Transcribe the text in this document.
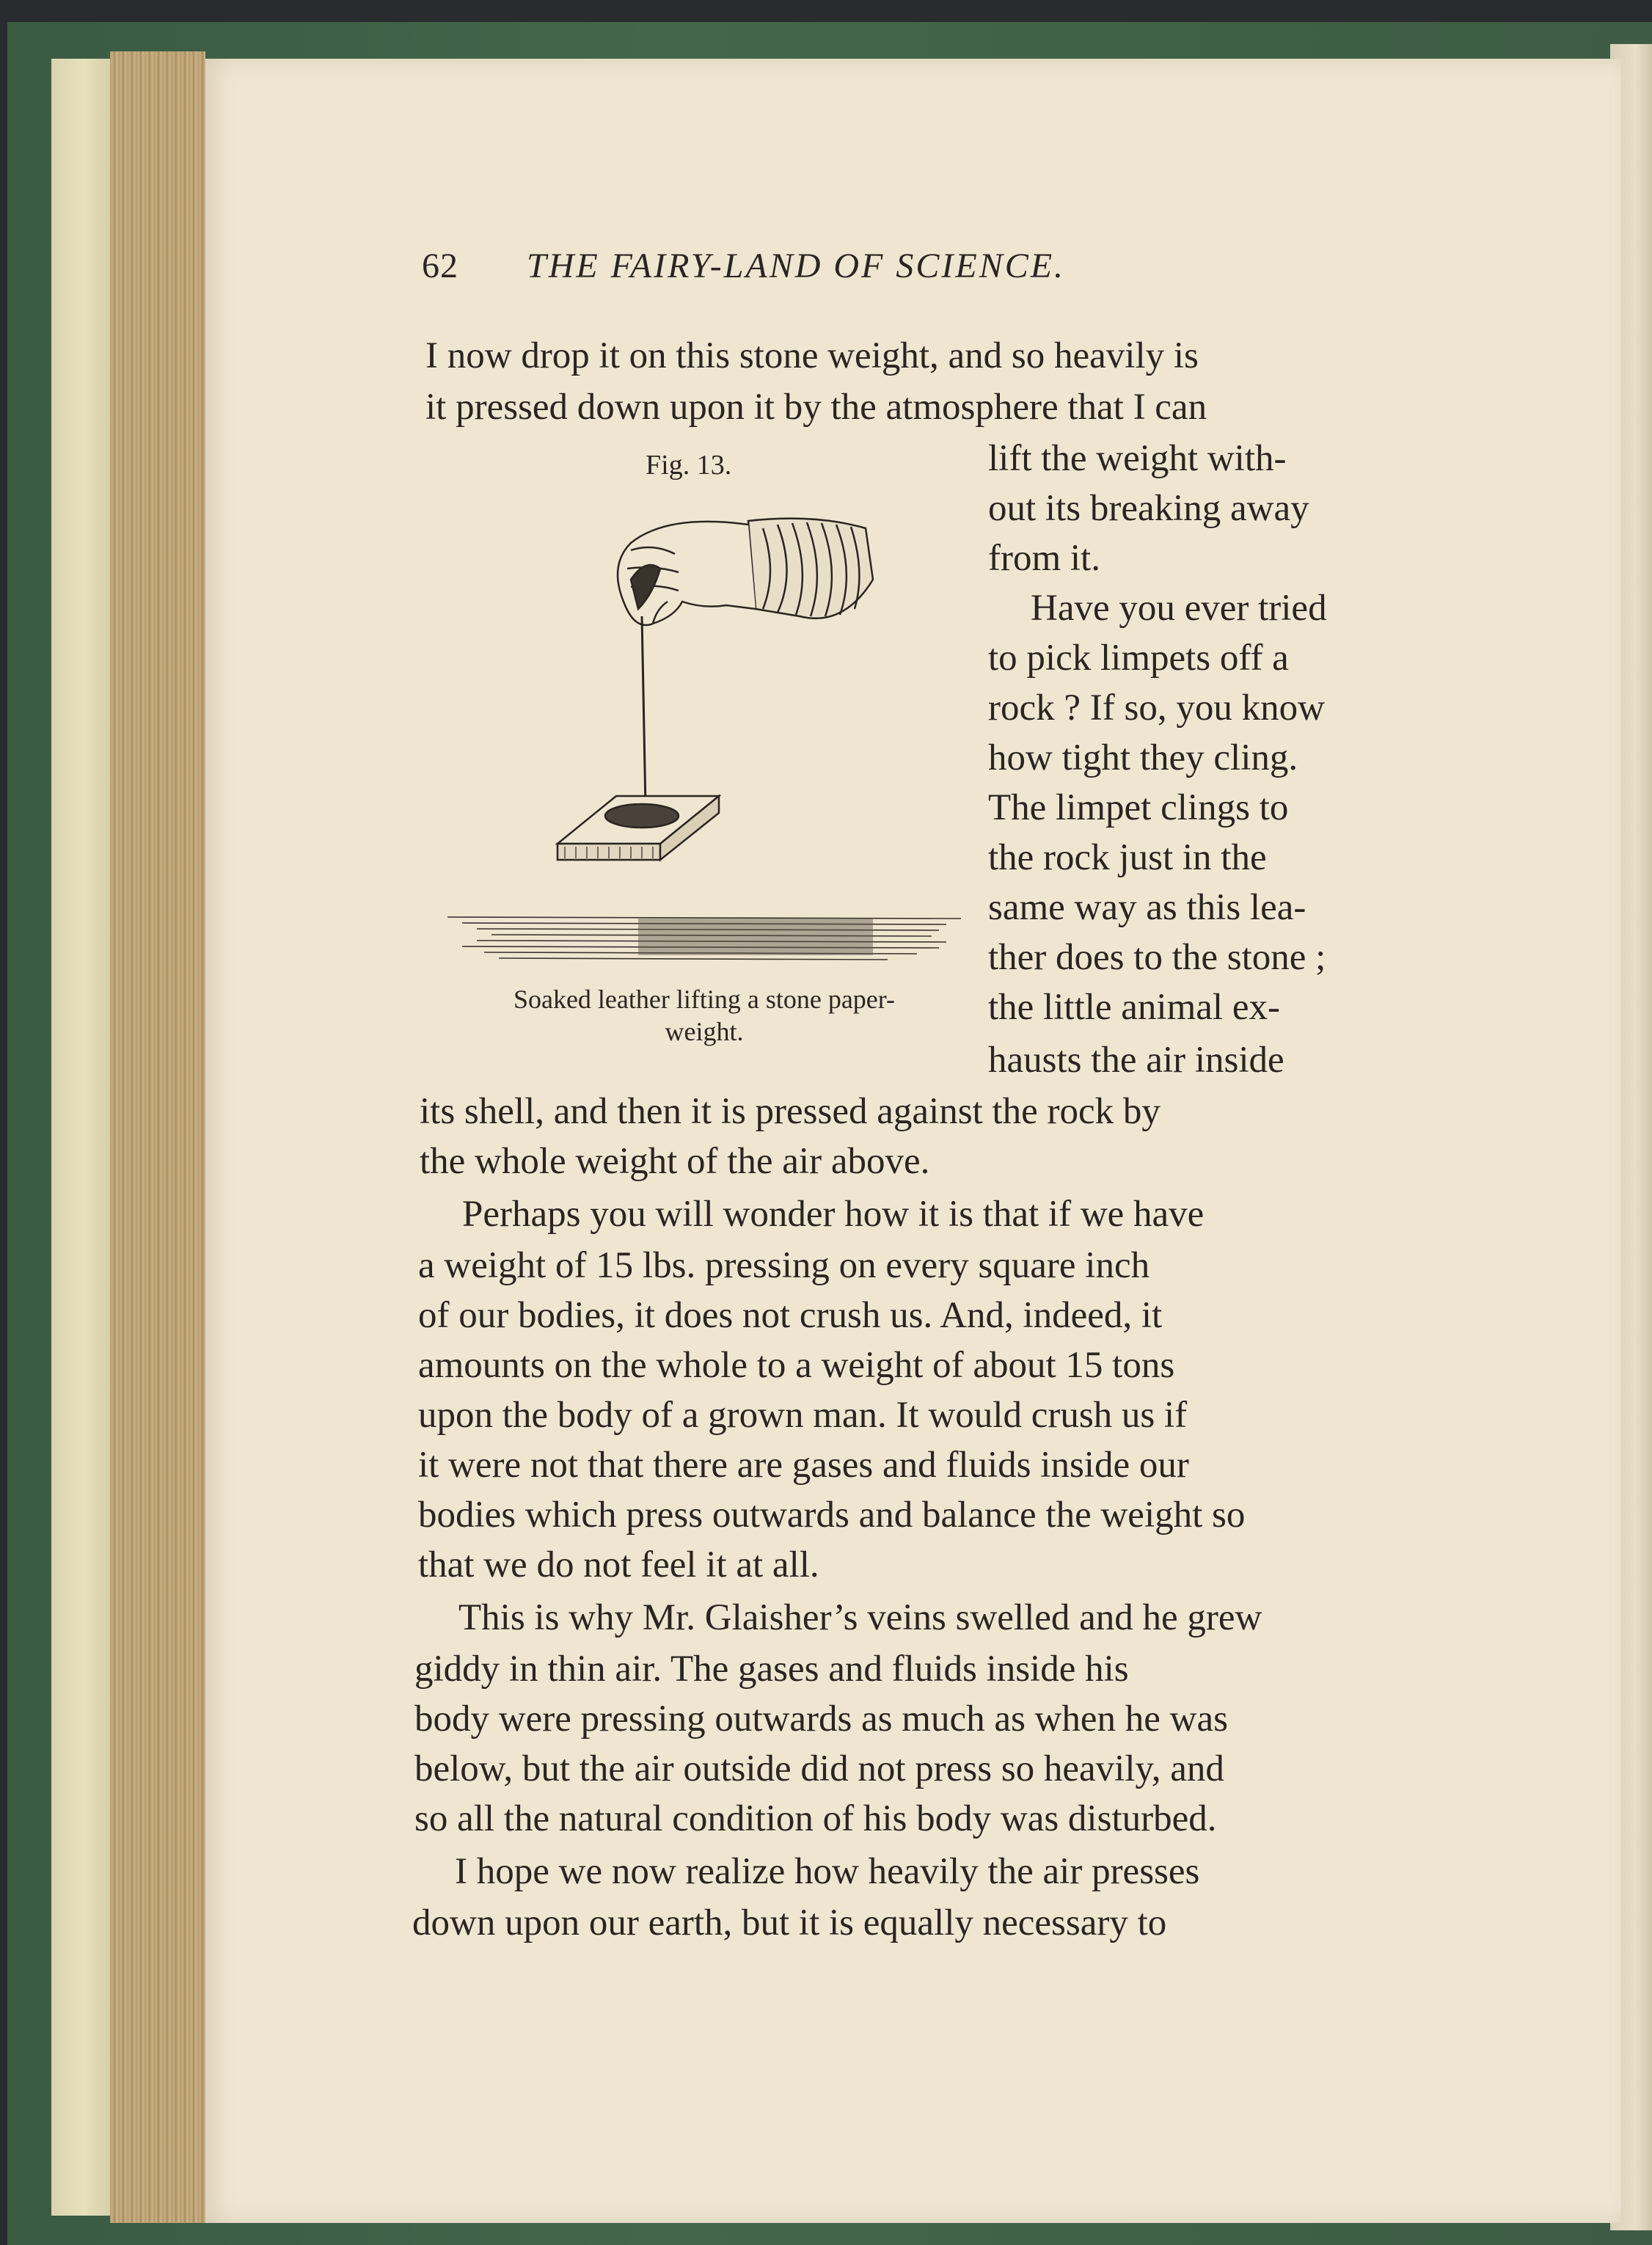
62 THE FAIRY-LAND OF SCIENCE.
I now drop it on this stone weight, and so heavily is
it pressed down upon it by the atmosphere that I can
Fig. 13.
Soaked leather lifting a stone paper-
weight.
lift the weight with-
out its breaking away
from it.
Have you ever tried
to pick limpets off a
rock ? If so, you know
how tight they cling.
The limpet clings to
the rock just in the
same way as this lea-
ther does to the stone ;
the little animal ex-
hausts the air inside
its shell, and then it is pressed against the rock by
the whole weight of the air above.
Perhaps you will wonder how it is that if we have
a weight of 15 lbs. pressing on every square inch
of our bodies, it does not crush us. And, indeed, it
amounts on the whole to a weight of about 15 tons
upon the body of a grown man. It would crush us if
it were not that there are gases and fluids inside our
bodies which press outwards and balance the weight so
that we do not feel it at all.
This is why Mr. Glaisher’s veins swelled and he grew
giddy in thin air. The gases and fluids inside his
body were pressing outwards as much as when he was
below, but the air outside did not press so heavily, and
so all the natural condition of his body was disturbed.
I hope we now realize how heavily the air presses
down upon our earth, but it is equally necessary to
